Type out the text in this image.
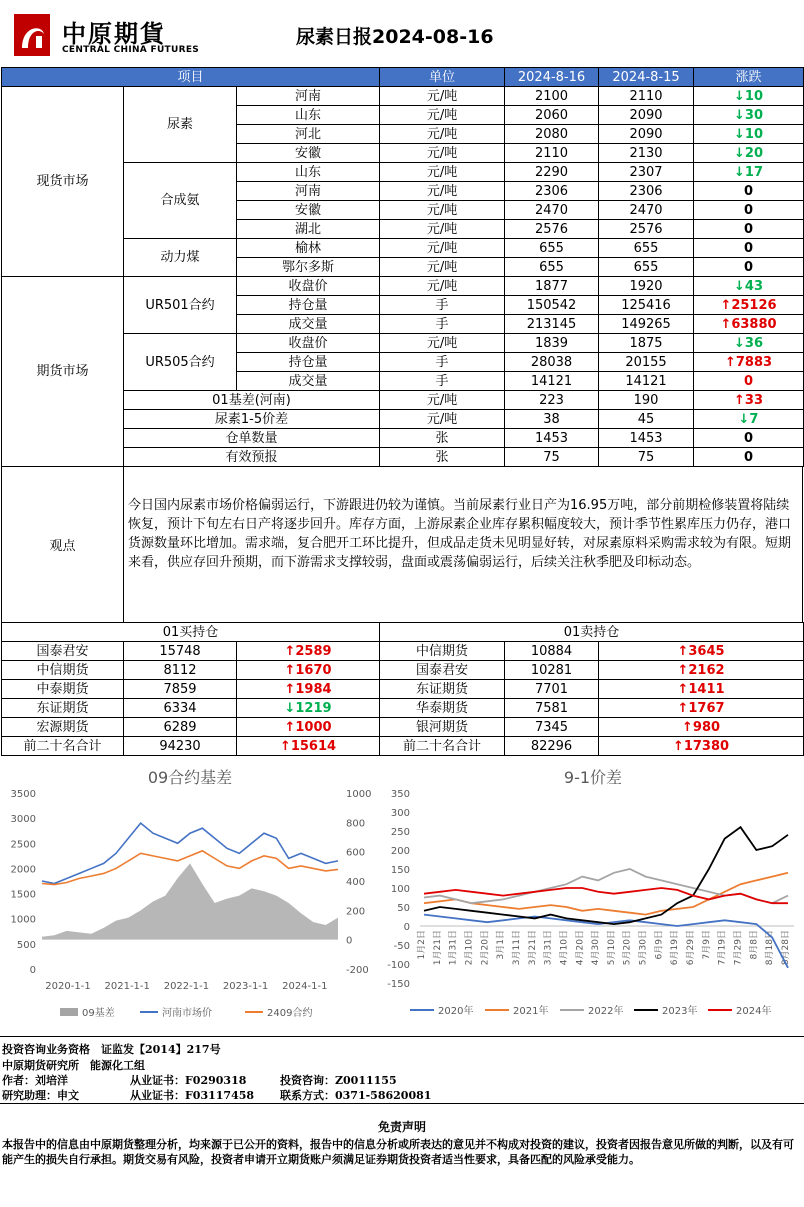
中原期貨
CENTRAL CHINA FUTURES
尿素日报2024-08-16
项目			单位	2024-8-16	2024-8-15	涨跌
现货市场	尿素	河南	元/吨	2100	2110	↓10
		山东	元/吨	2060	2090	↓30
		河北	元/吨	2080	2090	↓10
		安徽	元/吨	2110	2130	↓20
	合成氨	山东	元/吨	2290	2307	↓17
		河南	元/吨	2306	2306	0
		安徽	元/吨	2470	2470	0
		湖北	元/吨	2576	2576	0
	动力煤	榆林	元/吨	655	655	0
		鄂尔多斯	元/吨	655	655	0
期货市场	UR501合约	收盘价	元/吨	1877	1920	↓43
		持仓量	手	150542	125416	↑25126
		成交量	手	213145	149265	↑63880
	UR505合约	收盘价	元/吨	1839	1875	↓36
		持仓量	手	28038	20155	↑7883
		成交量	手	14121	14121	0
	01基差(河南)		元/吨	223	190	↑33
	尿素1-5价差		元/吨	38	45	↓7
	仓单数量		张	1453	1453	0
	有效预报		张	75	75	0
观点
今日国内尿素市场价格偏弱运行，下游跟进仍较为谨慎。当前尿素行业日产为16.95万吨，部分前期检修装置将陆续恢复，预计下旬左右日产将逐步回升。库存方面，上游尿素企业库存累积幅度较大，预计季节性累库压力仍存，港口货源数量环比增加。需求端，复合肥开工环比提升，但成品走货未见明显好转，对尿素原料采购需求较为有限。短期来看，供应存回升预期，而下游需求支撑较弱，盘面或震荡偏弱运行，后续关注秋季肥及印标动态。
01买持仓			01卖持仓		
国泰君安	15748	↑2589	中信期货	10884	↑3645
中信期货	8112	↑1670	国泰君安	10281	↑2162
中泰期货	7859	↑1984	东证期货	7701	↑1411
东证期货	6334	↓1219	华泰期货	7581	↑1767
宏源期货	6289	↑1000	银河期货	7345	↑980
前二十名合计	94230	↑15614	前二十名合计	82296	↑17380
09合约基差
0
500
1000
1500
2000
2500
3000
3500
-200
0
200
400
600
800
1000
2020-1-1 2021-1-1 2022-1-1 2023-1-1 2024-1-1
09基差	河南市场价	2409合约
9-1价差
-150
-100
-50
0
50
100
150
200
250
300
350
1月2日 1月21日 1月31日 2月10日 2月20日 3月1日 3月11日 3月21日 3月31日 4月10日 4月20日 4月30日 5月10日 5月20日 5月30日 6月9日 6月19日 6月29日 7月9日 7月19日 7月29日 8月8日 8月18日 8月28日
2020年	2021年	2022年	2023年	2024年
投资咨询业务资格　证监发【2014】217号
中原期货研究所　能源化工组
作者：刘培洋	从业证书：F0290318	投资咨询：Z0011155
研究助理：申文	从业证书：F03117458 联系方式：0371-58620081
免责声明
本报告中的信息由中原期货整理分析，均来源于已公开的资料，报告中的信息分析或所表达的意见并不构成对投资的建议，投资者因报告意见所做的判断，以及有可能产生的损失自行承担。期货交易有风险，投资者申请开立期货账户须满足证券期货投资者适当性要求，具备匹配的风险承受能力。
